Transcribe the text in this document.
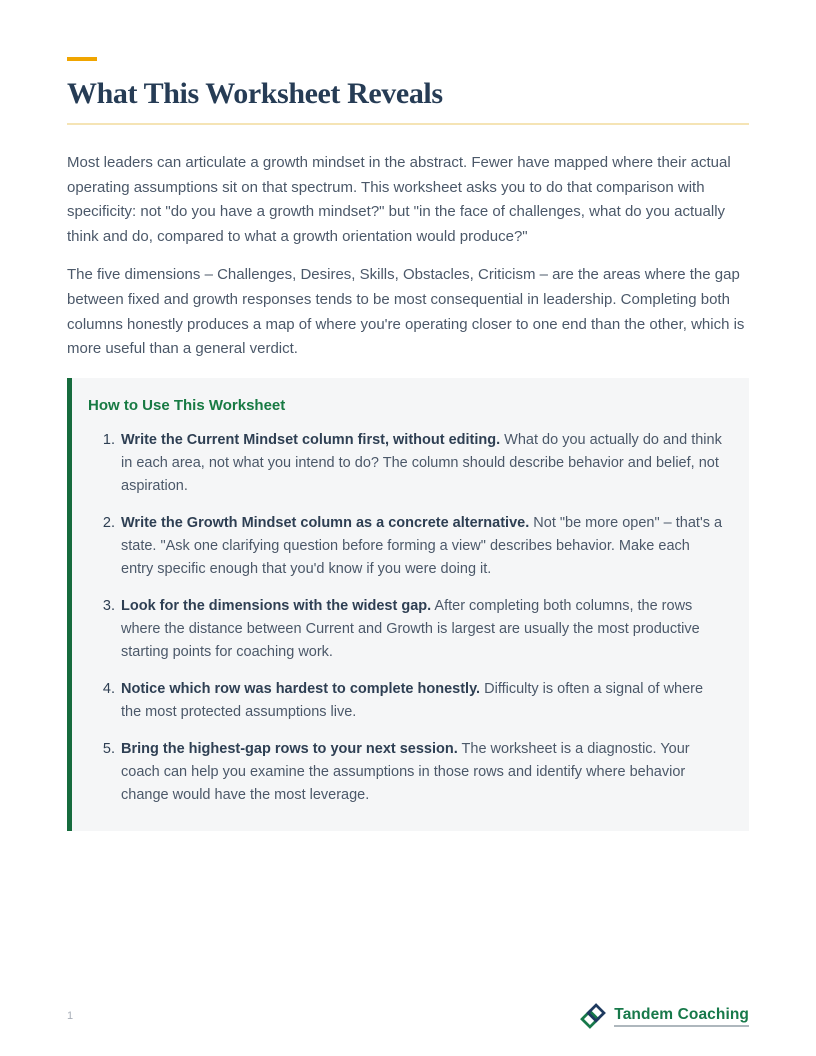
What This Worksheet Reveals

Most leaders can articulate a growth mindset in the abstract. Fewer have mapped where their actual operating assumptions sit on that spectrum. This worksheet asks you to do that comparison with specificity: not "do you have a growth mindset?" but "in the face of challenges, what do you actually think and do, compared to what a growth orientation would produce?"

The five dimensions – Challenges, Desires, Skills, Obstacles, Criticism – are the areas where the gap between fixed and growth responses tends to be most consequential in leadership. Completing both columns honestly produces a map of where you're operating closer to one end than the other, which is more useful than a general verdict.

How to Use This Worksheet
1. Write the Current Mindset column first, without editing. What do you actually do and think in each area, not what you intend to do? The column should describe behavior and belief, not aspiration.
2. Write the Growth Mindset column as a concrete alternative. Not "be more open" – that's a state. "Ask one clarifying question before forming a view" describes behavior. Make each entry specific enough that you'd know if you were doing it.
3. Look for the dimensions with the widest gap. After completing both columns, the rows where the distance between Current and Growth is largest are usually the most productive starting points for coaching work.
4. Notice which row was hardest to complete honestly. Difficulty is often a signal of where the most protected assumptions live.
5. Bring the highest-gap rows to your next session. The worksheet is a diagnostic. Your coach can help you examine the assumptions in those rows and identify where behavior change would have the most leverage.
1	Tandem Coaching
